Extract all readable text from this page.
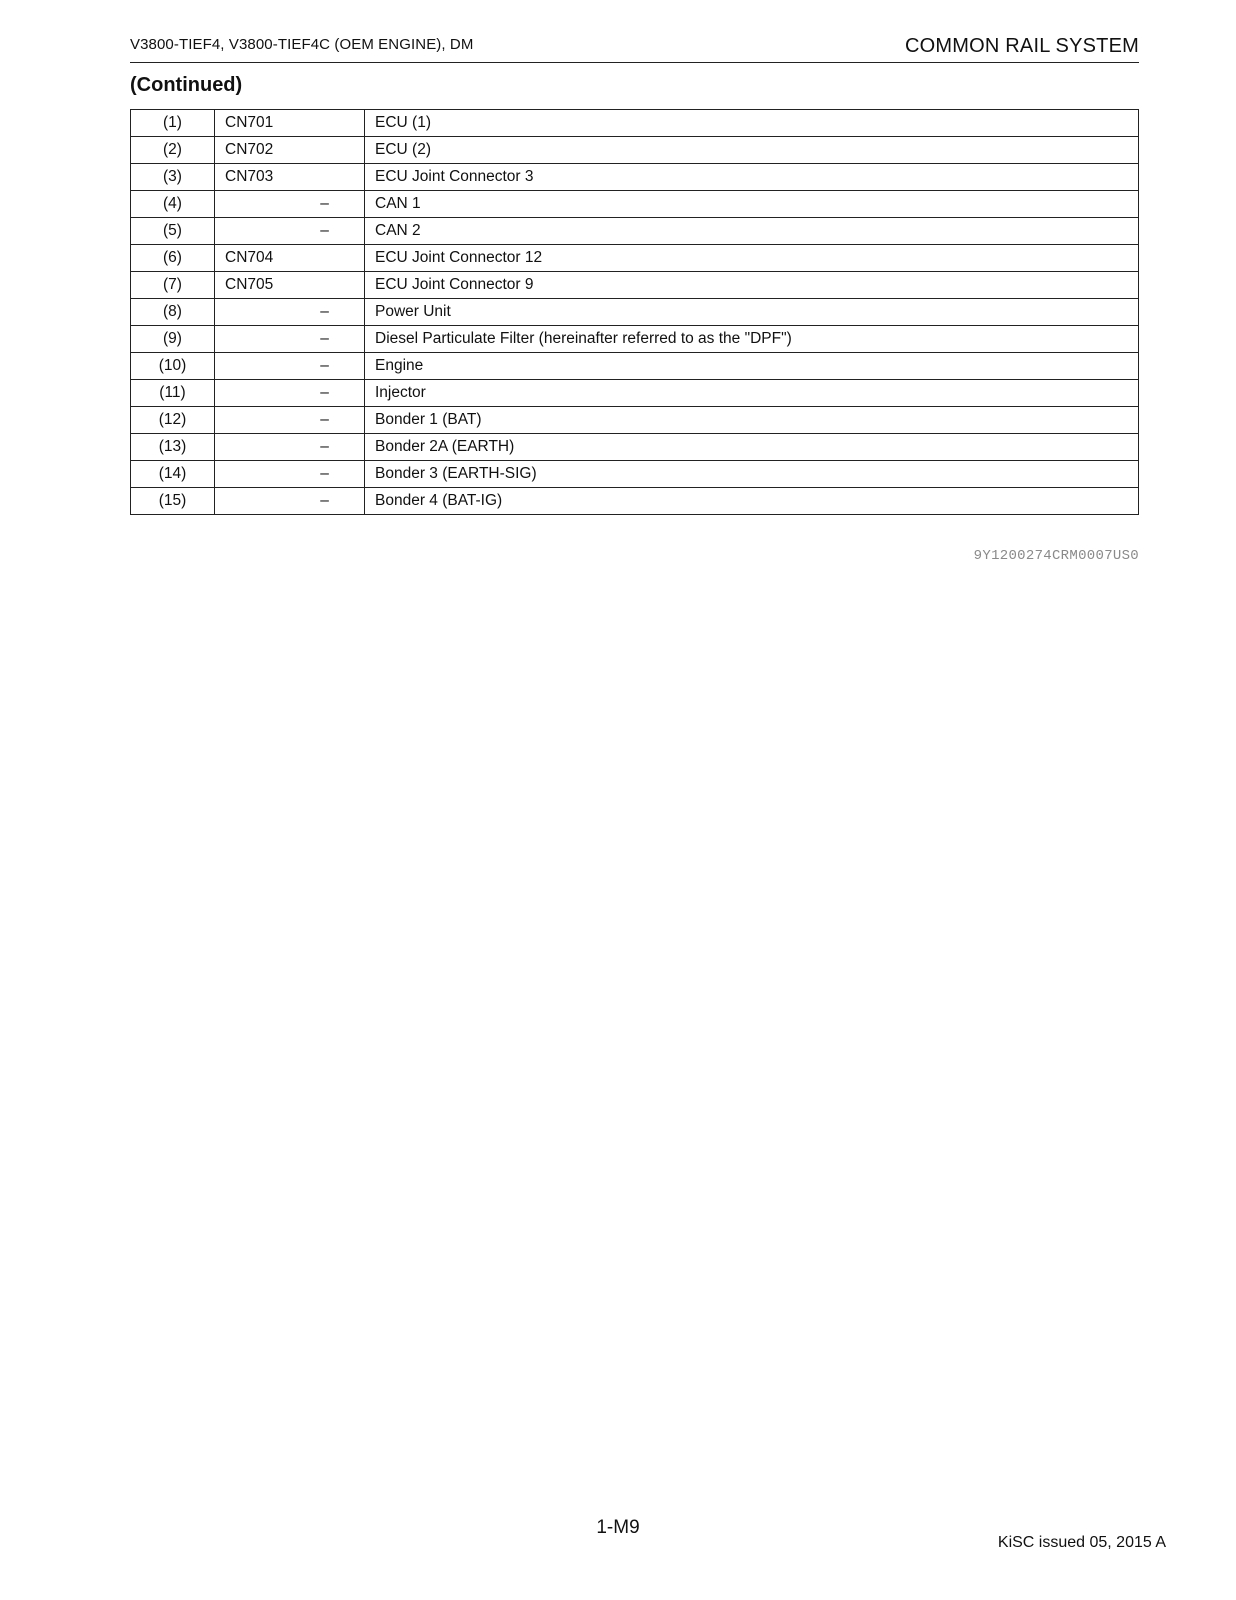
V3800-TIEF4, V3800-TIEF4C (OEM ENGINE), DM	COMMON RAIL SYSTEM
(Continued)
(1)	CN701	ECU (1)
(2)	CN702	ECU (2)
(3)	CN703	ECU Joint Connector 3
(4)	–	CAN 1
(5)	–	CAN 2
(6)	CN704	ECU Joint Connector 12
(7)	CN705	ECU Joint Connector 9
(8)	–	Power Unit
(9)	–	Diesel Particulate Filter (hereinafter referred to as the "DPF")
(10)	–	Engine
(11)	–	Injector
(12)	–	Bonder 1 (BAT)
(13)	–	Bonder 2A (EARTH)
(14)	–	Bonder 3 (EARTH-SIG)
(15)	–	Bonder 4 (BAT-IG)
9Y1200274CRM0007US0
1-M9
KiSC issued 05, 2015 A
